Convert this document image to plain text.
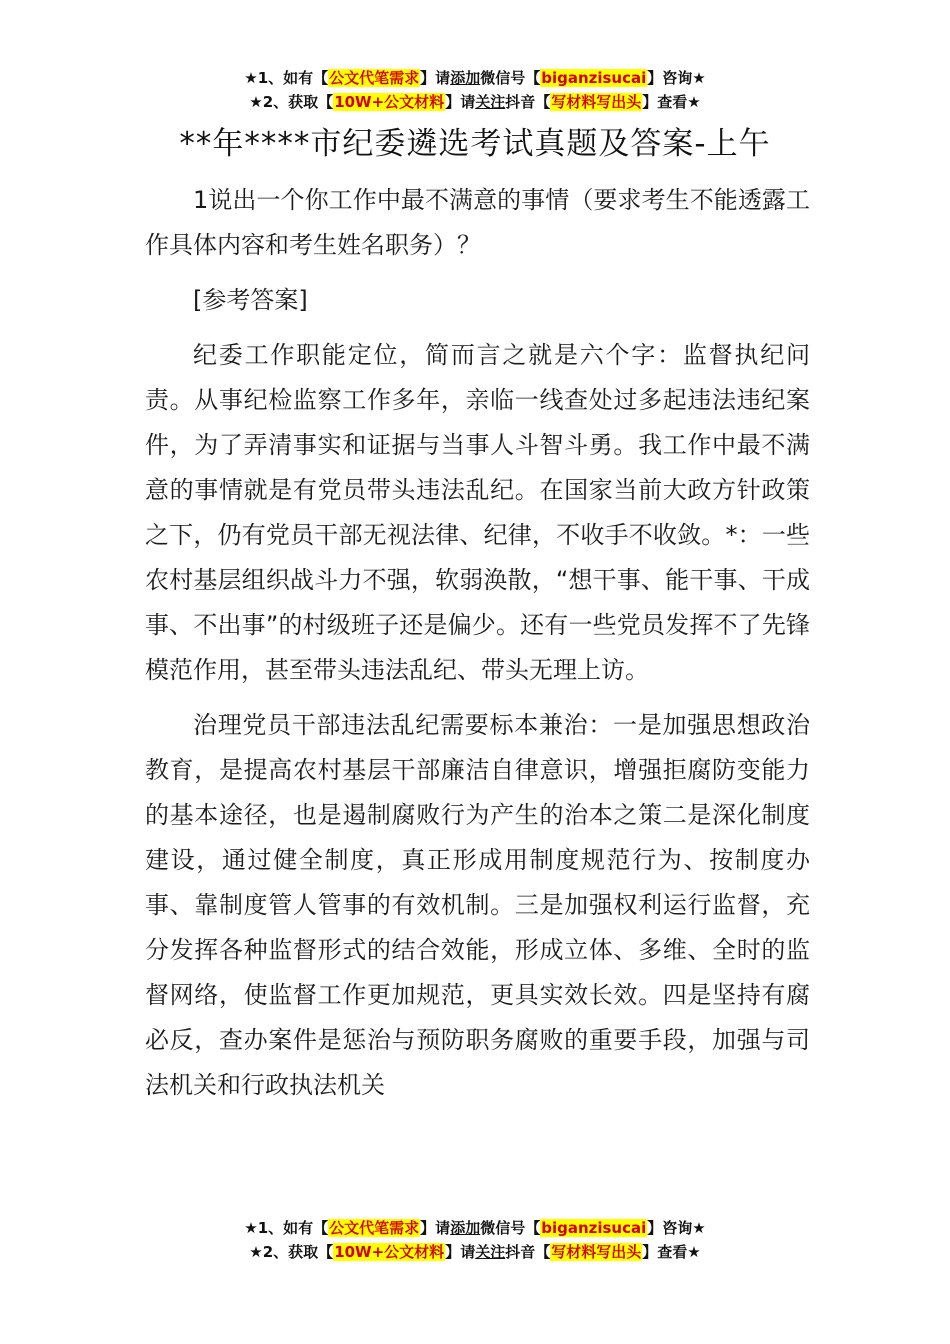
★1、如有【公文代笔需求】请添加微信号【biganzisucai】咨询★
★2、获取【10W+公文材料】请关注抖音【写材料写出头】查看★
**年****市纪委遴选考试真题及答案-上午

1说出一个你工作中最不满意的事情（要求考生不能透露工作具体内容和考生姓名职务）？

[参考答案]

纪委工作职能定位，简而言之就是六个字：监督执纪问责。从事纪检监察工作多年，亲临一线查处过多起违法违纪案件，为了弄清事实和证据与当事人斗智斗勇。我工作中最不满意的事情就是有党员带头违法乱纪。在国家当前大政方针政策之下，仍有党员干部无视法律、纪律，不收手不收敛。*：一些农村基层组织战斗力不强，软弱涣散，“想干事、能干事、干成事、不出事”的村级班子还是偏少。还有一些党员发挥不了先锋模范作用，甚至带头违法乱纪、带头无理上访。

治理党员干部违法乱纪需要标本兼治：一是加强思想政治教育，是提高农村基层干部廉洁自律意识，增强拒腐防变能力的基本途径，也是遏制腐败行为产生的治本之策二是深化制度建设，通过健全制度，真正形成用制度规范行为、按制度办事、靠制度管人管事的有效机制。三是加强权利运行监督，充分发挥各种监督形式的结合效能，形成立体、多维、全时的监督网络，使监督工作更加规范，更具实效长效。四是坚持有腐必反，查办案件是惩治与预防职务腐败的重要手段，加强与司法机关和行政执法机关

★1、如有【公文代笔需求】请添加微信号【biganzisucai】咨询★
★2、获取【10W+公文材料】请关注抖音【写材料写出头】查看★
